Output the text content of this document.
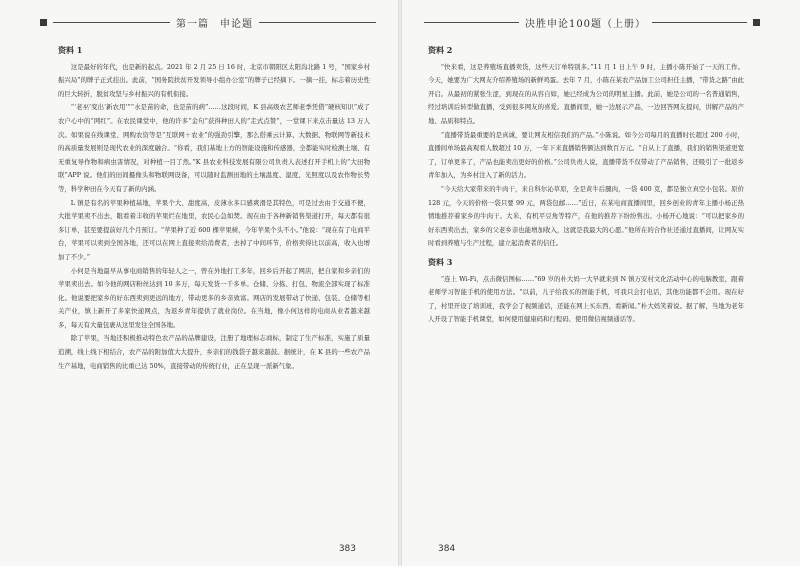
第一篇　申论题

资料 1

这是最好的年代，也是新的起点。2021 年 2 月 25 日 16 时，北京市朝阳区太阳沟北路 1 号，“国家乡村振兴局”的牌子正式挂出。此前，“国务院扶贫开发领导小组办公室”的牌子已经摘下。一摘一挂，标志着历史性的巨大转折，脱贫攻坚与乡村振兴的有机衔接。

“‘老巫’变出‘新农用’”“水是苗的命，也是苗的病”……这段时间，K 县高级农艺师老季凭借“硬核知识”成了农户心中的“网红”。在农民课堂中，他的许多“金句”获得种田人的“走式点赞”，一堂课下来点击量达 13 万人次。如果说在线课堂、网购农资等是“互联网＋农业”的强劲引擎，那么搭乘云计算、大数据、物联网等新技术的高质量发展则是现代农业的深度融合。“你看，我们基地上方的智能设施和传感器，全都能实时检测土壤、有无重复导作物和病虫害情况，对种植一目了然。”K 县农业科技发展有限公司负责人表述打开手机上的“大田物联”APP 说。他们的田间摄像头和物联网设备，可以随时监测田地的土壤温度、湿度、光照度以及农作物长势等，科学种田在今天有了新的内涵。

L 镇是有名的苹果种植基地，苹果个大、甜度高，皮薄水多口感爽滑是其特色，可是过去由于交通不便，大批苹果卖不出去，眼看着丰收的苹果烂在地里，农民心急如焚。现在由于各种新销售渠道打开，每天都有很多订单，甚至要提前好几个月预订。“苹果种了近 600 棵苹果树，今年苹果个头不小。”他说：“现在有了电商平台，苹果可以卖到全国各地，还可以在网上直接卖给消费者，去掉了中间环节，价格卖得比以前高，收入也增加了不少。”

小何是当地最早从事电商销售的年轻人之一，曾在外地打工多年，回乡后开起了网店，把自家和乡亲们的苹果卖出去。如今他的网店粉丝达到 10 多万，每天发货一千多单。仓储、分拣、打包、物流全部实现了标准化。他说要把家乡的好东西卖到更远的地方，带动更多的乡亲致富。网店的发展带动了快递、包装、仓储等相关产业，镇上新开了多家快递网点，为返乡青年提供了就业岗位。在当地，像小何这样的电商从业者越来越多，每天有大量包裹从这里发往全国各地。

除了苹果，当地还积极推动特色农产品的品牌建设，注册了地理标志商标，制定了生产标准，实施了质量追溯，线上线下相结合，农产品的附加值大大提升，乡亲们的钱袋子越来越鼓。据统计，在 K 县的一些农产品生产基地，电商销售的比重已达 50%，直接带动的传统行业，正在呈现一派新气象。

383
决胜申论100题（上册）

资料 2

“快来看，这是养殖场直播卖货，这些天订单特别多。”11 月 1 日上午 9 时，主播小陈开始了一天的工作。今天，她要为广大网友介绍养殖场的新鲜鸡蛋。去年 7 月，小陈在某农产品加工公司担任主播，“带货之路”由此开启。从最初的紧张生涩，到现在的从容自如，她已经成为公司的明星主播。此前，她是公司的一名普通销售，经过培训后转型做直播，受到很多网友的喜爱。直播间里，她一边展示产品，一边回答网友提问，讲解产品的产地、品质和特点。

“直播带货最重要的是真诚，要让网友相信我们的产品。”小陈说。如今公司每月的直播时长超过 200 小时，直播间单场最高观看人数超过 10 万，一年下来直播销售额达到数百万元。“自从上了直播，我们的销售渠道更宽了，订单更多了，产品也能卖出更好的价格。”公司负责人说，直播带货不仅带动了产品销售，还吸引了一批返乡青年加入，为乡村注入了新的活力。

“今天给大家带来的牛肉干，来自科尔沁草原，全是黄牛后腿肉，一袋 400 克，都是独立真空小包装。原价 128 元，今天的价格一袋只要 99 元，两袋包邮……”近日，在某电商直播间里，回乡创业的青年主播小杨正热情地推荐着家乡的牛肉干。大米、有机平豆角等特产，在他的推荐下纷纷售出。小杨开心地说：“可以把家乡的好东西卖出去，家乡的父老乡亲也能增加收入，这就是我最大的心愿。”他所在的合作社还通过直播间，让网友实时看到养殖与生产过程，建立起消费者的信任。

资料 3

“连上 Wi-Fi，点击微信图标……”69 岁的朴大妈一大早就来到 N 镇万安村文化活动中心的电脑教室，跟着老师学习智能手机的使用方法。“以前，儿子给我买的智能手机，可我只会打电话，其他功能都不会用。现在好了，村里开设了培训班，我学会了视频通话，还能在网上买东西、看新闻。”朴大妈笑着说。据了解，当地为老年人开设了智能手机课堂，如何使用健康码和行程码、使用微信视频通话等。

384
